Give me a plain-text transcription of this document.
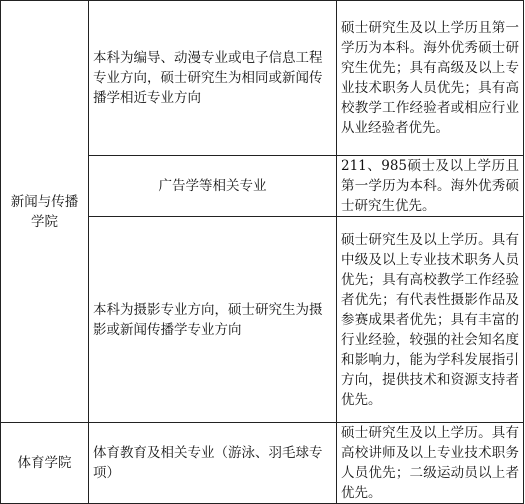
新闻与传播学院	本科为编导、动漫专业或电子信息工程专业方向，硕士研究生为相同或新闻传播学相近专业方向	硕士研究生及以上学历且第一学历为本科。海外优秀硕士研究生优先；具有高级及以上专业技术职务人员优先；具有高校教学工作经验者或相应行业从业经验者优先。
	广告学等相关专业	211、985硕士及以上学历且第一学历为本科。海外优秀硕士研究生优先。
	本科为摄影专业方向，硕士研究生为摄影或新闻传播学专业方向	硕士研究生及以上学历。具有中级及以上专业技术职务人员优先；具有高校教学工作经验者优先；有代表性摄影作品及参赛成果者优先；具有丰富的行业经验，较强的社会知名度和影响力，能为学科发展指引方向，提供技术和资源支持者优先。
体育学院	体育教育及相关专业（游泳、羽毛球专项）	硕士研究生及以上学历。具有高校讲师及以上专业技术职务人员优先；二级运动员以上者优先。
